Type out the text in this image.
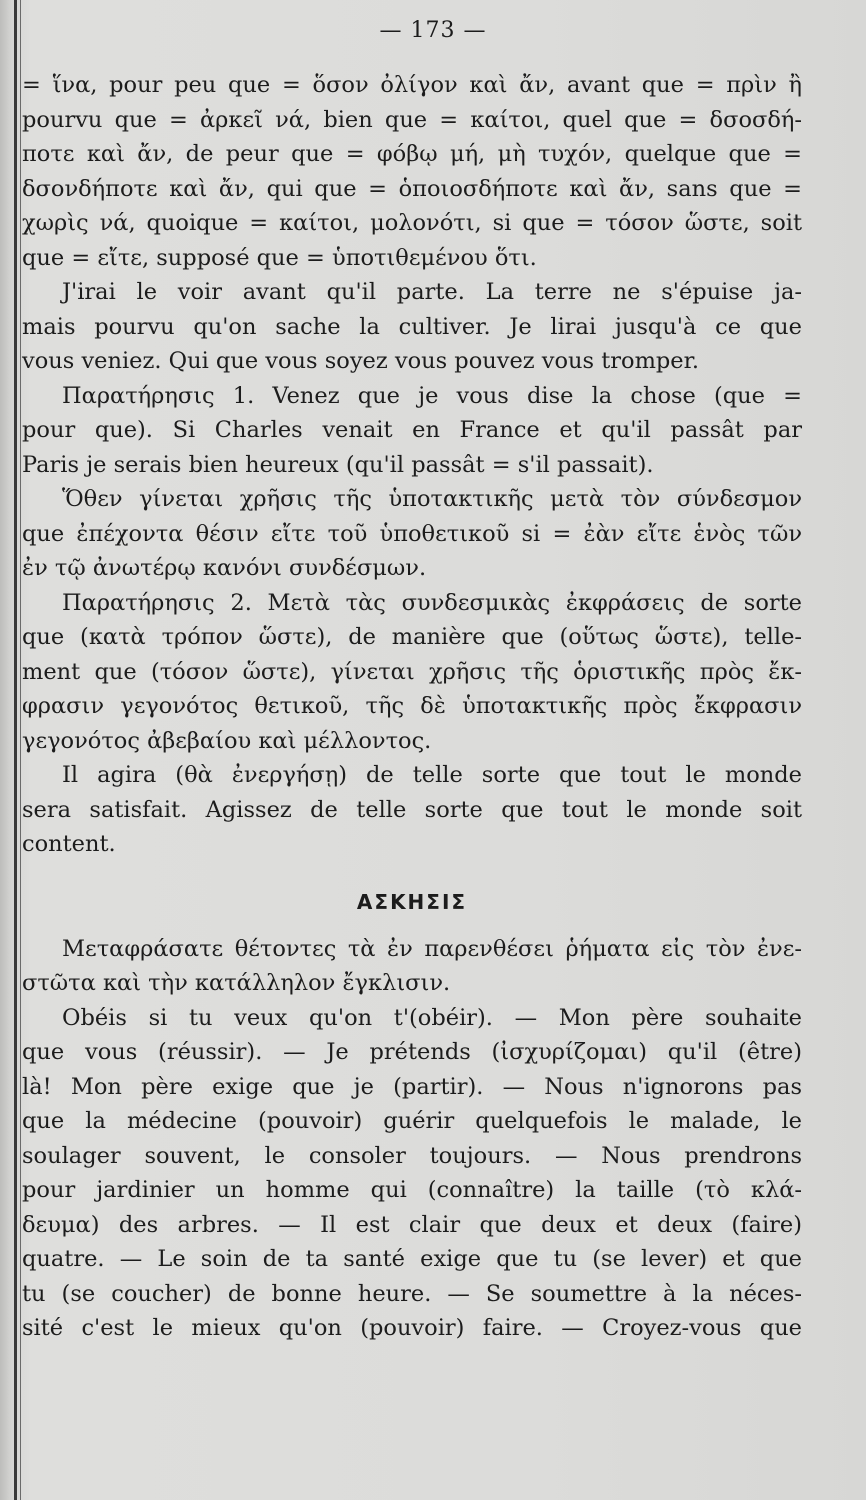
— 173 —
= ἵνα, pour peu que = ὅσον ὀλίγον καὶ ἄν, avant que = πρὶν ἢ
pourvu que = ἀρκεῖ νά, bien que = καίτοι, quel que = δσοσδή-
ποτε καὶ ἄν, de peur que = φόβῳ μή, μὴ τυχόν, quelque que =
δσονδήποτε καὶ ἄν, qui que = ὁποιοσδήποτε καὶ ἄν, sans que =
χωρὶς νά, quoique = καίτοι, μολονότι, si que = τόσον ὥστε, soit
que = εἴτε, supposé que = ὑποτιθεμένου ὅτι.
J'irai le voir avant qu'il parte. La terre ne s'épuise ja-
mais pourvu qu'on sache la cultiver. Je lirai jusqu'à ce que
vous veniez. Qui que vous soyez vous pouvez vous tromper.
Παρατήρησις 1. Venez que je vous dise la chose (que =
pour que). Si Charles venait en France et qu'il passât par
Paris je serais bien heureux (qu'il passât = s'il passait).
Ὅθεν γίνεται χρῆσις τῆς ὑποτακτικῆς μετὰ τὸν σύνδεσμον
que ἐπέχοντα θέσιν εἴτε τοῦ ὑποθετικοῦ si = ἐὰν εἴτε ἑνὸς τῶν
ἐν τῷ ἀνωτέρῳ κανόνι συνδέσμων.
Παρατήρησις 2. Μετὰ τὰς συνδεσμικὰς ἐκφράσεις de sorte
que (κατὰ τρόπον ὥστε), de manière que (οὕτως ὥστε), telle-
ment que (τόσον ὥστε), γίνεται χρῆσις τῆς ὁριστικῆς πρὸς ἔκ-
φρασιν γεγονότος θετικοῦ, τῆς δὲ ὑποτακτικῆς πρὸς ἔκφρασιν
γεγονότος ἀβεβαίου καὶ μέλλοντος.
Il agira (θὰ ἐνεργήσῃ) de telle sorte que tout le monde
sera satisfait. Agissez de telle sorte que tout le monde soit
content.
ΑΣΚΗΣΙΣ
Μεταφράσατε θέτοντες τὰ ἐν παρενθέσει ῥήματα εἰς τὸν ἐνε-
στῶτα καὶ τὴν κατάλληλον ἔγκλισιν.
Obéis si tu veux qu'on t'(obéir). — Mon père souhaite
que vous (réussir). — Je prétends (ἰσχυρίζομαι) qu'il (être)
là! Mon père exige que je (partir). — Nous n'ignorons pas
que la médecine (pouvoir) guérir quelquefois le malade, le
soulager souvent, le consoler toujours. — Nous prendrons
pour jardinier un homme qui (connaître) la taille (τὸ κλά-
δευμα) des arbres. — Il est clair que deux et deux (faire)
quatre. — Le soin de ta santé exige que tu (se lever) et que
tu (se coucher) de bonne heure. — Se soumettre à la néces-
sité c'est le mieux qu'on (pouvoir) faire. — Croyez-vous que
